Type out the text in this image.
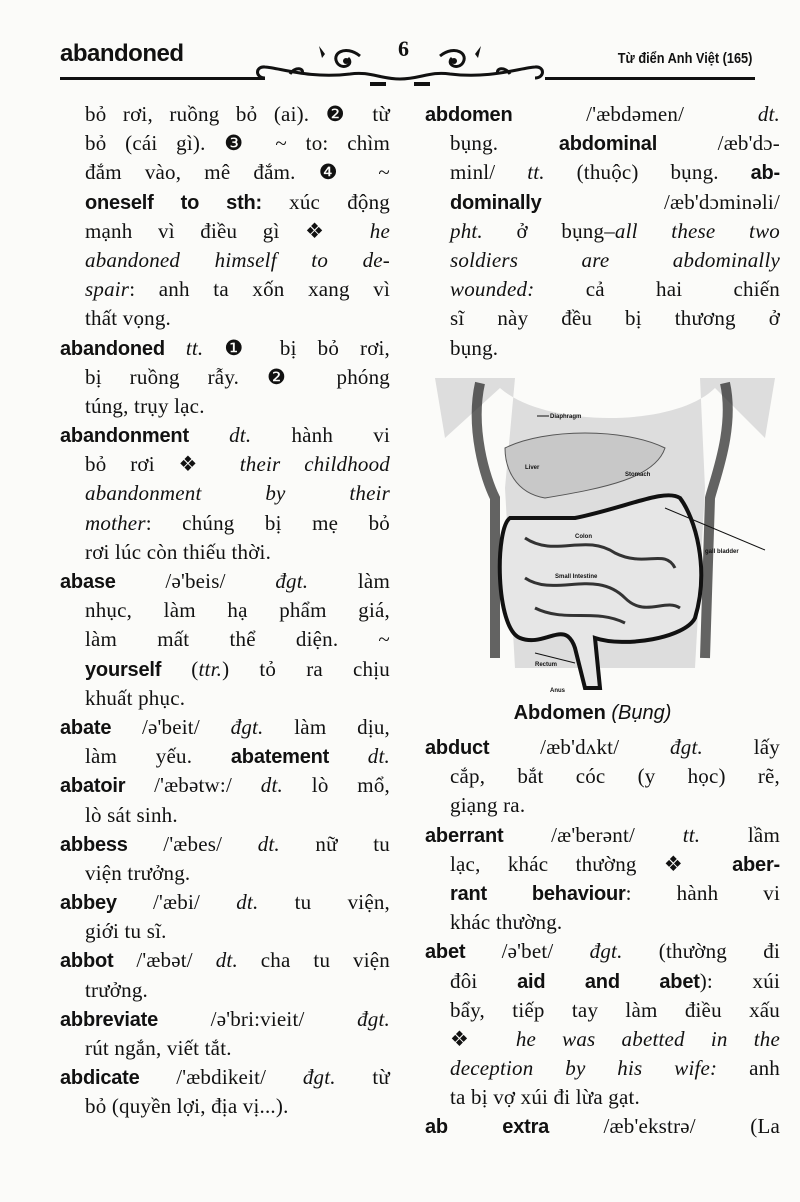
abandoned	6	Từ điển Anh Việt (165)
bỏ rơi, ruồng bỏ (ai). ❷ từ
bỏ (cái gì). ❸ ~ to: chìm
đắm vào, mê đắm. ❹ ~
oneself to sth: xúc động
mạnh vì điều gì ❖ he
abandoned himself to de-
spair: anh ta xốn xang vì
thất vọng.
abandoned tt. ❶ bị bỏ rơi,
bị ruồng rẫy. ❷ phóng
túng, trụy lạc.
abandonment dt. hành vi
bỏ rơi ❖ their childhood
abandonment by their
mother: chúng bị mẹ bỏ
rơi lúc còn thiếu thời.
abase /ə'beis/ đgt. làm
nhục, làm hạ phẩm giá,
làm mất thể diện. ~
yourself (ttr.) tỏ ra chịu
khuất phục.
abate /ə'beit/ đgt. làm dịu,
làm yếu. abatement dt.
abatoir /'æbətw:/ dt. lò mổ,
lò sát sinh.
abbess /'æbes/ dt. nữ tu
viện trưởng.
abbey /'æbi/ dt. tu viện,
giới tu sĩ.
abbot /'æbət/ dt. cha tu viện
trưởng.
abbreviate /ə'bri:vieit/ đgt.
rút ngắn, viết tắt.
abdicate /'æbdikeit/ đgt. từ
bỏ (quyền lợi, địa vị...).
abdomen /'æbdəmen/ dt.
bụng. abdominal /æb'dɔ-
minl/ tt. (thuộc) bụng. ab-
dominally /æb'dɔminəli/
pht. ở bụng–all these two
soldiers are abdominally
wounded: cả hai chiến
sĩ này đều bị thương ở
bụng.
Diaphragm
Liver
Stomach
Colon
gall bladder
Small Intestine
Rectum
Anus
Abdomen (Bụng)
abduct /æb'dʌkt/ đgt. lấy
cắp, bắt cóc (y học) rẽ,
giạng ra.
aberrant /æ'berənt/ tt. lầm
lạc, khác thường ❖ aber-
rant behaviour: hành vi
khác thường.
abet /ə'bet/ đgt. (thường đi
đôi aid and abet): xúi
bẩy, tiếp tay làm điều xấu
❖ he was abetted in the
deception by his wife: anh
ta bị vợ xúi đi lừa gạt.
ab extra /æb'ekstrə/ (La
